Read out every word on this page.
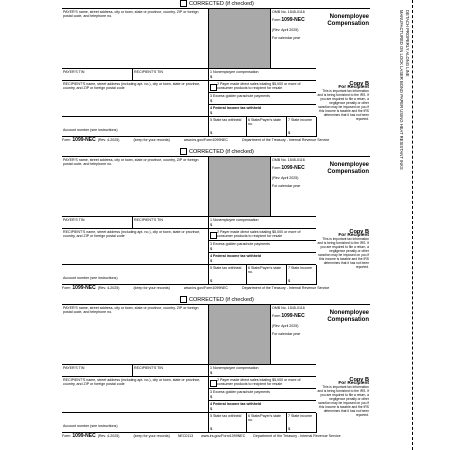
CORRECTED (if checked)
PAYER'S name, street address, city or town, state or province, country, ZIP or foreign postal code, and telephone no.
OMB No. 1545-0116
Form 1099-NEC
(Rev. April 2025)
For calendar year
Nonemployee
Compensation
PAYER'S TIN	RECIPIENT'S TIN	1 Nonemployee compensation
$
RECIPIENT'S name, street address (including apt. no.), city or town, state or province, country, and ZIP or foreign postal code
2 Payer made direct sales totaling $5,000 or more of consumer products to recipient for resale
3 Excess golden parachute payments
$
4 Federal income tax withheld
$
Copy B
For Recipient
This is important tax information and is being furnished to the IRS. If you are required to file a return, a negligence penalty or other sanction may be imposed on you if this income is taxable and the IRS determines that it has not been reported.
Account number (see instructions)
5 State tax withheld
$
6 State/Payer's state no.
7 State income
$
Form 1099-NEC (Rev. 4-2025)	(keep for your records)	www.irs.gov/Form1099NEC	Department of the Treasury - Internal Revenue Service
CORRECTED (if checked)
PAYER'S name, street address, city or town, state or province, country, ZIP or foreign postal code, and telephone no.
OMB No. 1545-0116
Form 1099-NEC
(Rev. April 2025)
For calendar year
Nonemployee
Compensation
PAYER'S TIN	RECIPIENT'S TIN	1 Nonemployee compensation
$
RECIPIENT'S name, street address (including apt. no.), city or town, state or province, country, and ZIP or foreign postal code
2 Payer made direct sales totaling $5,000 or more of consumer products to recipient for resale
3 Excess golden parachute payments
$
4 Federal income tax withheld
$
Copy B
For Recipient
This is important tax information and is being furnished to the IRS. If you are required to file a return, a negligence penalty or other sanction may be imposed on you if this income is taxable and the IRS determines that it has not been reported.
Account number (see instructions)
5 State tax withheld
$
6 State/Payer's state no.
7 State income
$
Form 1099-NEC (Rev. 4-2025)	(keep for your records)	www.irs.gov/Form1099NEC	Department of the Treasury - Internal Revenue Service
CORRECTED (if checked)
PAYER'S name, street address, city or town, state or province, country, ZIP or foreign postal code, and telephone no.
OMB No. 1545-0116
Form 1099-NEC
(Rev. April 2025)
For calendar year
Nonemployee
Compensation
PAYER'S TIN	RECIPIENT'S TIN	1 Nonemployee compensation
$
RECIPIENT'S name, street address (including apt. no.), city or town, state or province, country, and ZIP or foreign postal code
2 Payer made direct sales totaling $5,000 or more of consumer products to recipient for resale
3 Excess golden parachute payments
$
4 Federal income tax withheld
$
Copy B
For Recipient
This is important tax information and is being furnished to the IRS. If you are required to file a return, a negligence penalty or other sanction may be imposed on you if this income is taxable and the IRS determines that it has not been reported.
Account number (see instructions)
5 State tax withheld
$
6 State/Payer's state no.
7 State income
$
Form 1099-NEC (Rev. 4-2025)	(keep for your records) NEC0113 www.irs.gov/Form1099NEC Department of the Treasury - Internal Revenue Service
DETACH PROPERLY ALONG LINE
MANUFACTURED ON LOCK LASER BOND PAPER USING HEAT RESISTANT INKS
